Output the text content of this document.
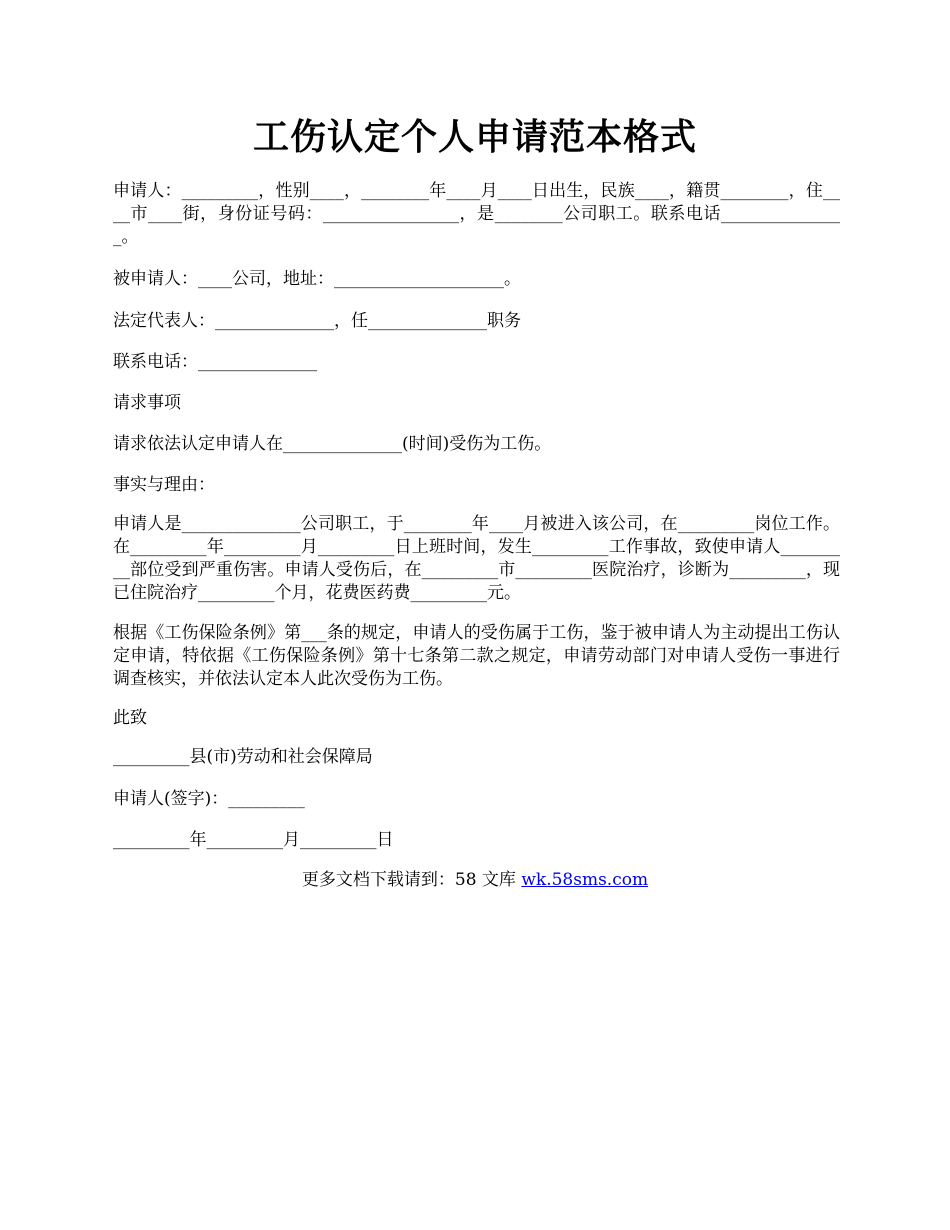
工伤认定个人申请范本格式
申请人：_________，性别____，________年____月____日出生，民族____，籍贯________，住____市____街，身份证号码：________________，是________公司职工。联系电话_______________。
被申请人：____公司，地址：____________________。
法定代表人：______________，任______________职务
联系电话：______________
请求事项
请求依法认定申请人在______________(时间)受伤为工伤。
事实与理由：
申请人是______________公司职工，于________年____月被进入该公司，在_________岗位工作。在_________年_________月_________日上班时间，发生_________工作事故，致使申请人_________部位受到严重伤害。申请人受伤后，在_________市_________医院治疗，诊断为_________，现已住院治疗_________个月，花费医药费_________元。
根据《工伤保险条例》第___条的规定，申请人的受伤属于工伤，鉴于被申请人为主动提出工伤认定申请，特依据《工伤保险条例》第十七条第二款之规定，申请劳动部门对申请人受伤一事进行调查核实，并依法认定本人此次受伤为工伤。
此致
_________县(市)劳动和社会保障局
申请人(签字)：_________
_________年_________月_________日
更多文档下载请到：58 文库 wk.58sms.com
